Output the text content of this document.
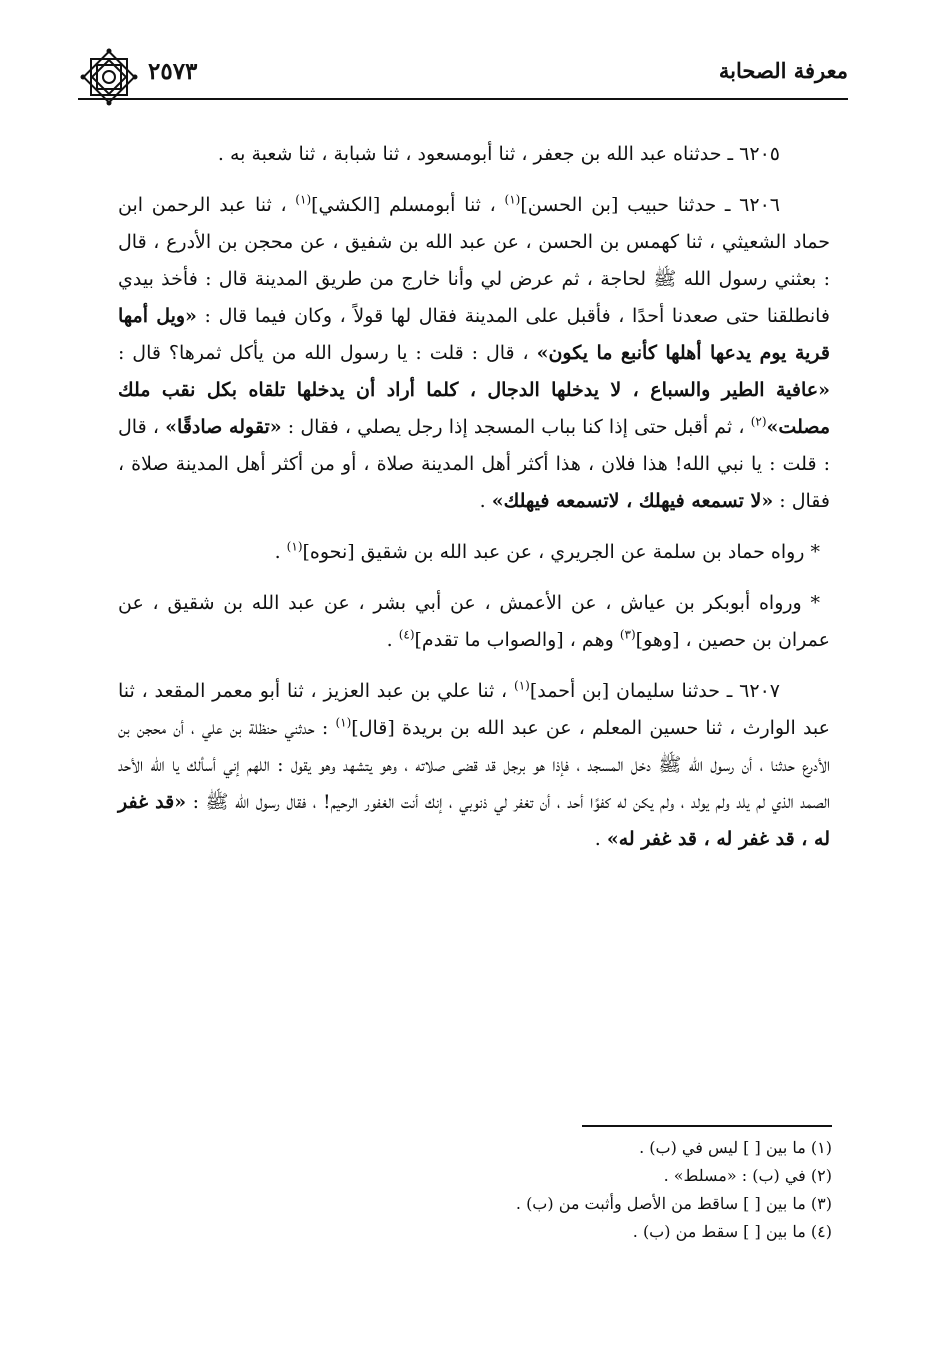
معرفة الصحابة
٢٥٧٣

٦٢٠٥ ـ حدثناه عبد الله بن جعفر ، ثنا أبومسعود ، ثنا شبابة ، ثنا شعبة به .

٦٢٠٦ ـ حدثنا حبيب [بن الحسن]$^{(١)}$ ، ثنا أبومسلم [الكشي]$^{(١)}$ ، ثنا عبد الرحمن ابن حماد الشعيثي ، ثنا كهمس بن الحسن ، عن عبد الله بن شفيق ، عن محجن بن الأدرع ، قال : بعثني رسول الله ﷺ لحاجة ، ثم عرض لي وأنا خارج من طريق المدينة قال : فأخذ بيدي فانطلقنا حتى صعدنا أحدًا ، فأقبل على المدينة فقال لها قولاً ، وكان فيما قال : «ويل أمها قرية يوم يدعها أهلها كأنبع ما يكون» ، قال : قلت : يا رسول الله من يأكل ثمرها؟ قال : «عافية الطير والسباع ، لا يدخلها الدجال ، كلما أراد أن يدخلها تلقاه بكل نقب ملك مصلت»$^{(٢)}$ ، ثم أقبل حتى إذا كنا بباب المسجد إذا رجل يصلي ، فقال : «تقوله صادقًا» ، قال : قلت : يا نبي الله! هذا فلان ، هذا أكثر أهل المدينة صلاة ، أو من أكثر أهل المدينة صلاة ، فقال : «لا تسمعه فيهلك ، لاتسمعه فيهلك» .

* رواه حماد بن سلمة عن الجريري ، عن عبد الله بن شقيق [نحوه]$^{(١)}$ .

* ورواه أبوبكر بن عياش ، عن الأعمش ، عن أبي بشر ، عن عبد الله بن شقيق ، عن عمران بن حصين ، [وهو]$^{(٣)}$ وهم ، [والصواب ما تقدم]$^{(٤)}$ .

٦٢٠٧ ـ حدثنا سليمان [بن أحمد]$^{(١)}$ ، ثنا علي بن عبد العزيز ، ثنا أبو معمر المقعد ، ثنا عبد الوارث ، ثنا حسين المعلم ، عن عبد الله بن بريدة [قال]$^{(١)}$ : حدثني حنظلة بن علي ، أن محجن بن الأدرع حدثنا ، أن رسول الله ﷺ دخل المسجد ، فإذا هو برجل قد قضى صلاته ، وهو يتشهد وهو يقول : اللهم إني أسألك يا الله الأحد الصمد الذي لم يلد ولم يولد ، ولم يكن له كفوًا أحد ، أن تغفر لي ذنوبي ، إنك أنت الغفور الرحيم! ، فقال رسول الله ﷺ : «قد غفر له ، قد غفر له ، قد غفر له» .

(١) ما بين [ ] ليس في (ب) .
(٢) في (ب) : «مسلط» .
(٣) ما بين [ ] ساقط من الأصل وأثبت من (ب) .
(٤) ما بين [ ] سقط من (ب) .
